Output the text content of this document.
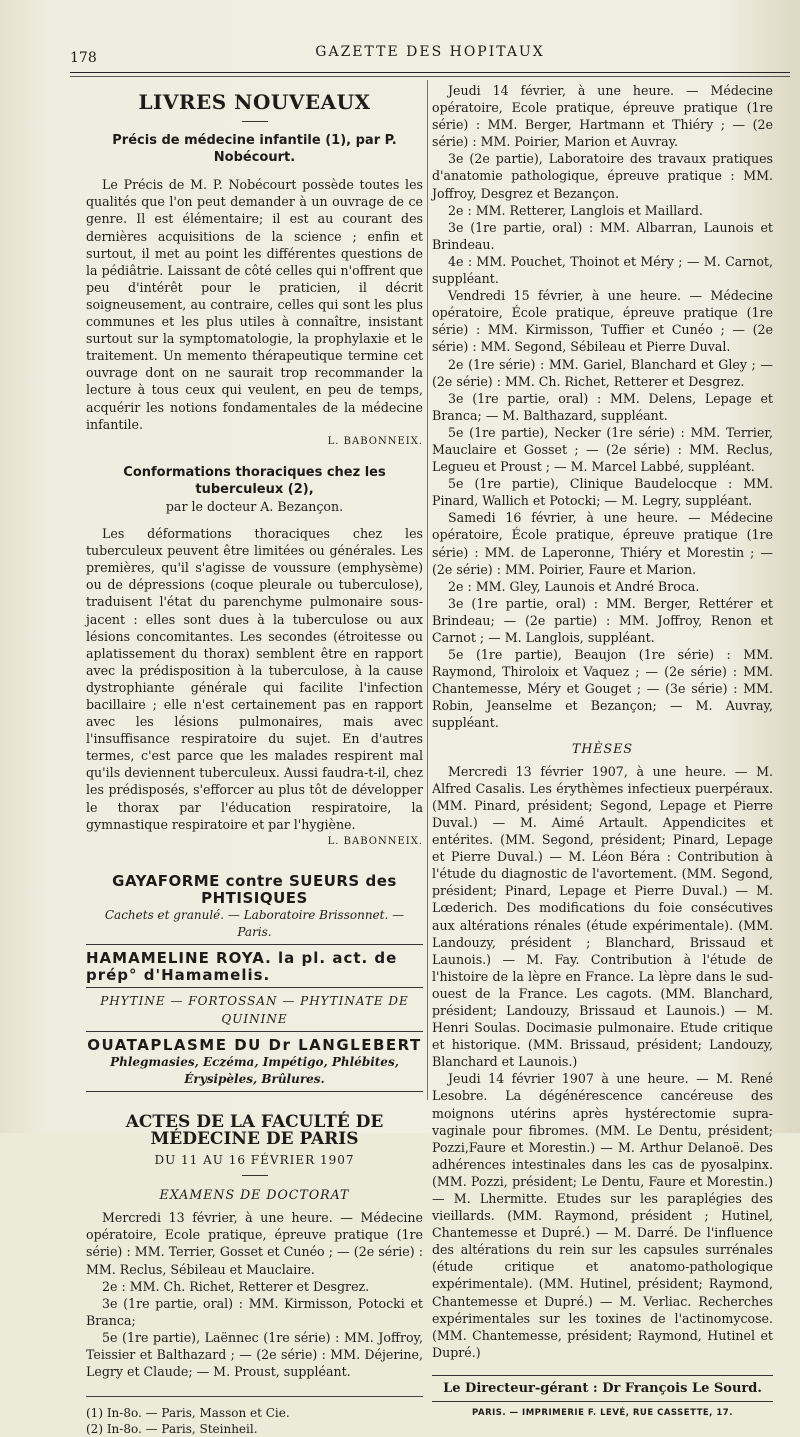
178	GAZETTE DES HOPITAUX
LIVRES NOUVEAUX
Précis de médecine infantile (1), par P. Nobécourt.

Le Précis de M. P. Nobécourt possède toutes les qualités que l'on peut demander à un ouvrage de ce genre. Il est élémentaire; il est au courant des dernières acquisitions de la science ; enfin et surtout, il met au point les différentes questions de la pédiâtrie. Laissant de côté celles qui n'offrent que peu d'intérêt pour le praticien, il décrit soigneusement, au contraire, celles qui sont les plus communes et les plus utiles à connaître, insistant surtout sur la symptomatologie, la prophylaxie et le traitement. Un memento thérapeutique termine cet ouvrage dont on ne saurait trop recommander la lecture à tous ceux qui veulent, en peu de temps, acquérir les notions fondamentales de la médecine infantile.

L. BABONNEIX.
Conformations thoraciques chez les tuberculeux (2),
par le docteur A. Bezançon.

Les déformations thoraciques chez les tuberculeux peuvent être limitées ou générales. Les premières, qu'il s'agisse de voussure (emphysème) ou de dépressions (coque pleurale ou tuberculose), traduisent l'état du parenchyme pulmonaire sous-jacent : elles sont dues à la tuberculose ou aux lésions concomitantes. Les secondes (étroitesse ou aplatissement du thorax) semblent être en rapport avec la prédisposition à la tuberculose, à la cause dystrophiante générale qui facilite l'infection bacillaire ; elle n'est certainement pas en rapport avec les lésions pulmonaires, mais avec l'insuffisance respiratoire du sujet. En d'autres termes, c'est parce que les malades respirent mal qu'ils deviennent tuberculeux. Aussi faudra-t-il, chez les prédisposés, s'efforcer au plus tôt de développer le thorax par l'éducation respiratoire, la gymnastique respiratoire et par l'hygiène.

L. BABONNEIX.
GAYAFORME contre SUEURS des PHTISIQUES
Cachets et granulé. — Laboratoire Brissonnet. — Paris.
HAMAMELINE ROYA. la pl. act. de prép° d'Hamamelis.
PHYTINE — FORTOSSAN — PHYTINATE DE QUININE
OUATAPLASME DU Dr LANGLEBERT
Phlegmasies, Eczéma, Impétigo, Phlébites, Érysipèles, Brûlures.
ACTES DE LA FACULTÉ DE MÉDECINE DE PARIS
DU 11 AU 16 FÉVRIER 1907
EXAMENS DE DOCTORAT

Mercredi 13 février, à une heure. — Médecine opératoire, Ecole pratique, épreuve pratique (1re série) : MM. Terrier, Gosset et Cunéo ; — (2e série) : MM. Reclus, Sébileau et Mauclaire.

2e : MM. Ch. Richet, Retterer et Desgrez.

3e (1re partie, oral) : MM. Kirmisson, Potocki et Branca;

5e (1re partie), Laënnec (1re série) : MM. Joffroy, Teissier et Balthazard ; — (2e série) : MM. Déjerine, Legry et Claude; — M. Proust, suppléant.

(1) In-8o. — Paris, Masson et Cie.
(2) In-8o. — Paris, Steinheil.

Jeudi 14 février, à une heure. — Médecine opératoire, Ecole pratique, épreuve pratique (1re série) : MM. Berger, Hartmann et Thiéry ; — (2e série) : MM. Poirier, Marion et Auvray.

3e (2e partie), Laboratoire des travaux pratiques d'anatomie pathologique, épreuve pratique : MM. Joffroy, Desgrez et Bezançon.

2e : MM. Retterer, Langlois et Maillard.

3e (1re partie, oral) : MM. Albarran, Launois et Brindeau.

4e : MM. Pouchet, Thoinot et Méry ; — M. Carnot, suppléant.

Vendredi 15 février, à une heure. — Médecine opératoire, École pratique, épreuve pratique (1re série) : MM. Kirmisson, Tuffier et Cunéo ; — (2e série) : MM. Segond, Sébileau et Pierre Duval.

2e (1re série) : MM. Gariel, Blanchard et Gley ; — (2e série) : MM. Ch. Richet, Retterer et Desgrez.

3e (1re partie, oral) : MM. Delens, Lepage et Branca; — M. Balthazard, suppléant.

5e (1re partie), Necker (1re série) : MM. Terrier, Mauclaire et Gosset ; — (2e série) : MM. Reclus, Legueu et Proust ; — M. Marcel Labbé, suppléant.

5e (1re partie), Clinique Baudelocque : MM. Pinard, Wallich et Potocki; — M. Legry, suppléant.

Samedi 16 février, à une heure. — Médecine opératoire, École pratique, épreuve pratique (1re série) : MM. de Laperonne, Thiéry et Morestin ; — (2e série) : MM. Poirier, Faure et Marion.

2e : MM. Gley, Launois et André Broca.

3e (1re partie, oral) : MM. Berger, Rettérer et Brindeau; — (2e partie) : MM. Joffroy, Renon et Carnot ; — M. Langlois, suppléant.

5e (1re partie), Beaujon (1re série) : MM. Raymond, Thiroloix et Vaquez ; — (2e série) : MM. Chantemesse, Méry et Gouget ; — (3e série) : MM. Robin, Jeanselme et Bezançon; — M. Auvray, suppléant.

THÈSES

Mercredi 13 février 1907, à une heure. — M. Alfred Casalis. Les érythèmes infectieux puerpéraux. (MM. Pinard, président; Segond, Lepage et Pierre Duval.) — M. Aimé Artault. Appendicites et entérites. (MM. Segond, président; Pinard, Lepage et Pierre Duval.) — M. Léon Béra : Contribution à l'étude du diagnostic de l'avortement. (MM. Segond, président; Pinard, Lepage et Pierre Duval.) — M. Lœderich. Des modifications du foie consécutives aux altérations rénales (étude expérimentale). (MM. Landouzy, président ; Blanchard, Brissaud et Launois.) — M. Fay. Contribution à l'étude de l'histoire de la lèpre en France. La lèpre dans le sud-ouest de la France. Les cagots. (MM. Blanchard, président; Landouzy, Brissaud et Launois.) — M. Henri Soulas. Docimasie pulmonaire. Etude critique et historique. (MM. Brissaud, président; Landouzy, Blanchard et Launois.)

Jeudi 14 février 1907 à une heure. — M. René Lesobre. La dégénérescence cancéreuse des moignons utérins après hystérectomie supra-vaginale pour fibromes. (MM. Le Dentu, président; Pozzi,Faure et Morestin.) — M. Arthur Delanoë. Des adhérences intestinales dans les cas de pyosalpinx. (MM. Pozzi, président; Le Dentu, Faure et Morestin.) — M. Lhermitte. Etudes sur les paraplégies des vieillards. (MM. Raymond, président ; Hutinel, Chantemesse et Dupré.) — M. Darré. De l'influence des altérations du rein sur les capsules surrénales (étude critique et anatomo-pathologique expérimentale). (MM. Hutinel, président; Raymond, Chantemesse et Dupré.) — M. Verliac. Recherches expérimentales sur les toxines de l'actinomycose. (MM. Chantemesse, président; Raymond, Hutinel et Dupré.)

Le Directeur-gérant : Dr François Le Sourd.
PARIS. — IMPRIMERIE F. LEVÉ, RUE CASSETTE, 17.
